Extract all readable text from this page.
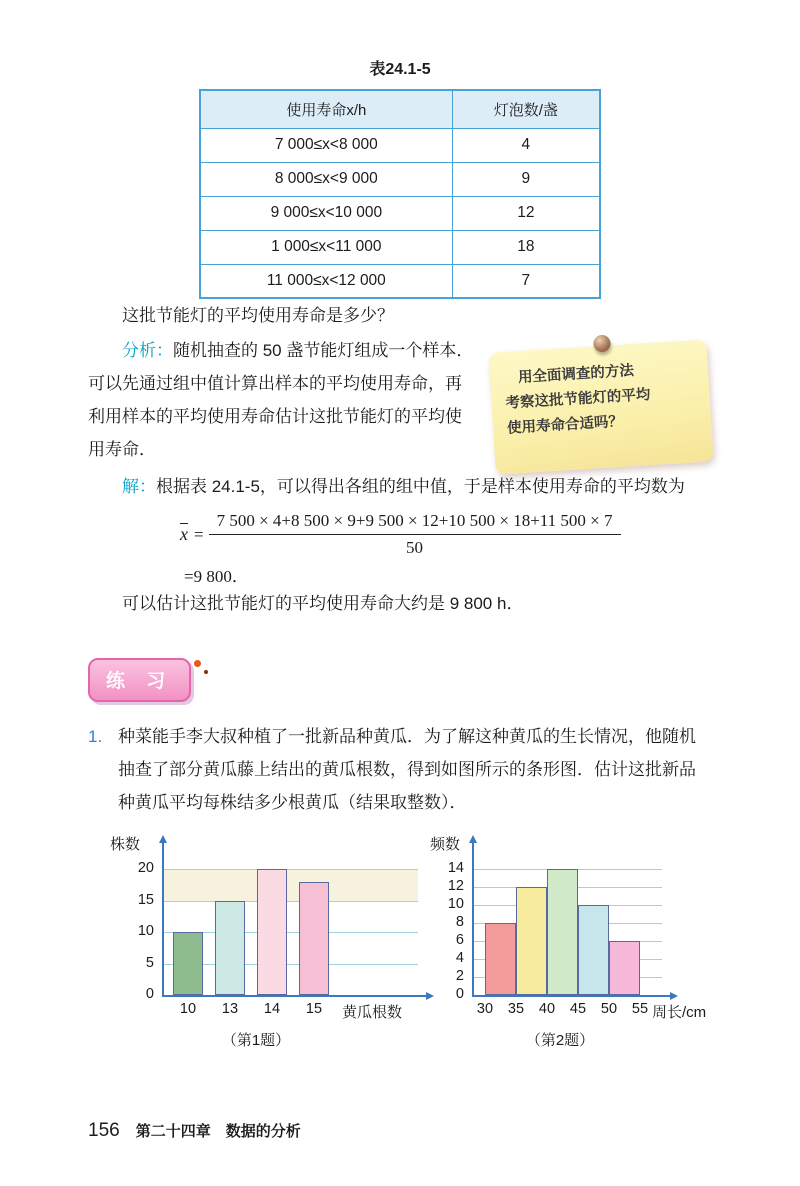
表24.1-5
使用寿命x/h	灯泡数/盏
7 000≤x<8 000	4
8 000≤x<9 000	9
9 000≤x<10 000	12
1 000≤x<11 000	18
11 000≤x<12 000	7

这批节能灯的平均使用寿命是多少？

用全面调查的方法
考察这批节能灯的平均
使用寿命合适吗？

分析：随机抽查的 50 盏节能灯组成一个样本．可以先通过组中值计算出样本的平均使用寿命，再利用样本的平均使用寿命估计这批节能灯的平均使用寿命．

解：根据表 24.1-5，可以得出各组的组中值，于是样本使用寿命的平均数为

$x = \frac{7 500 \times 4+8 500 \times 9+9 500 \times 12+10 500 \times 18+11 500 \times 7}{50}$
=9 800．

可以估计这批节能灯的平均使用寿命大约是 9 800 h．

练 习
1. 种菜能手李大叔种植了一批新品种黄瓜．为了解这种黄瓜的生长情况，他随机抽查了部分黄瓜藤上结出的黄瓜根数，得到如图所示的条形图．估计这批新品种黄瓜平均每株结多少根黄瓜（结果取整数）．
0
5
10
15
20
10	13	14	15
株数
黄瓜根数
（第1题）
0
2
4
6
8
10
12
14
30	35	40	45	50	55
频数
周长/cm
（第2题）
156 第二十四章　数据的分析
